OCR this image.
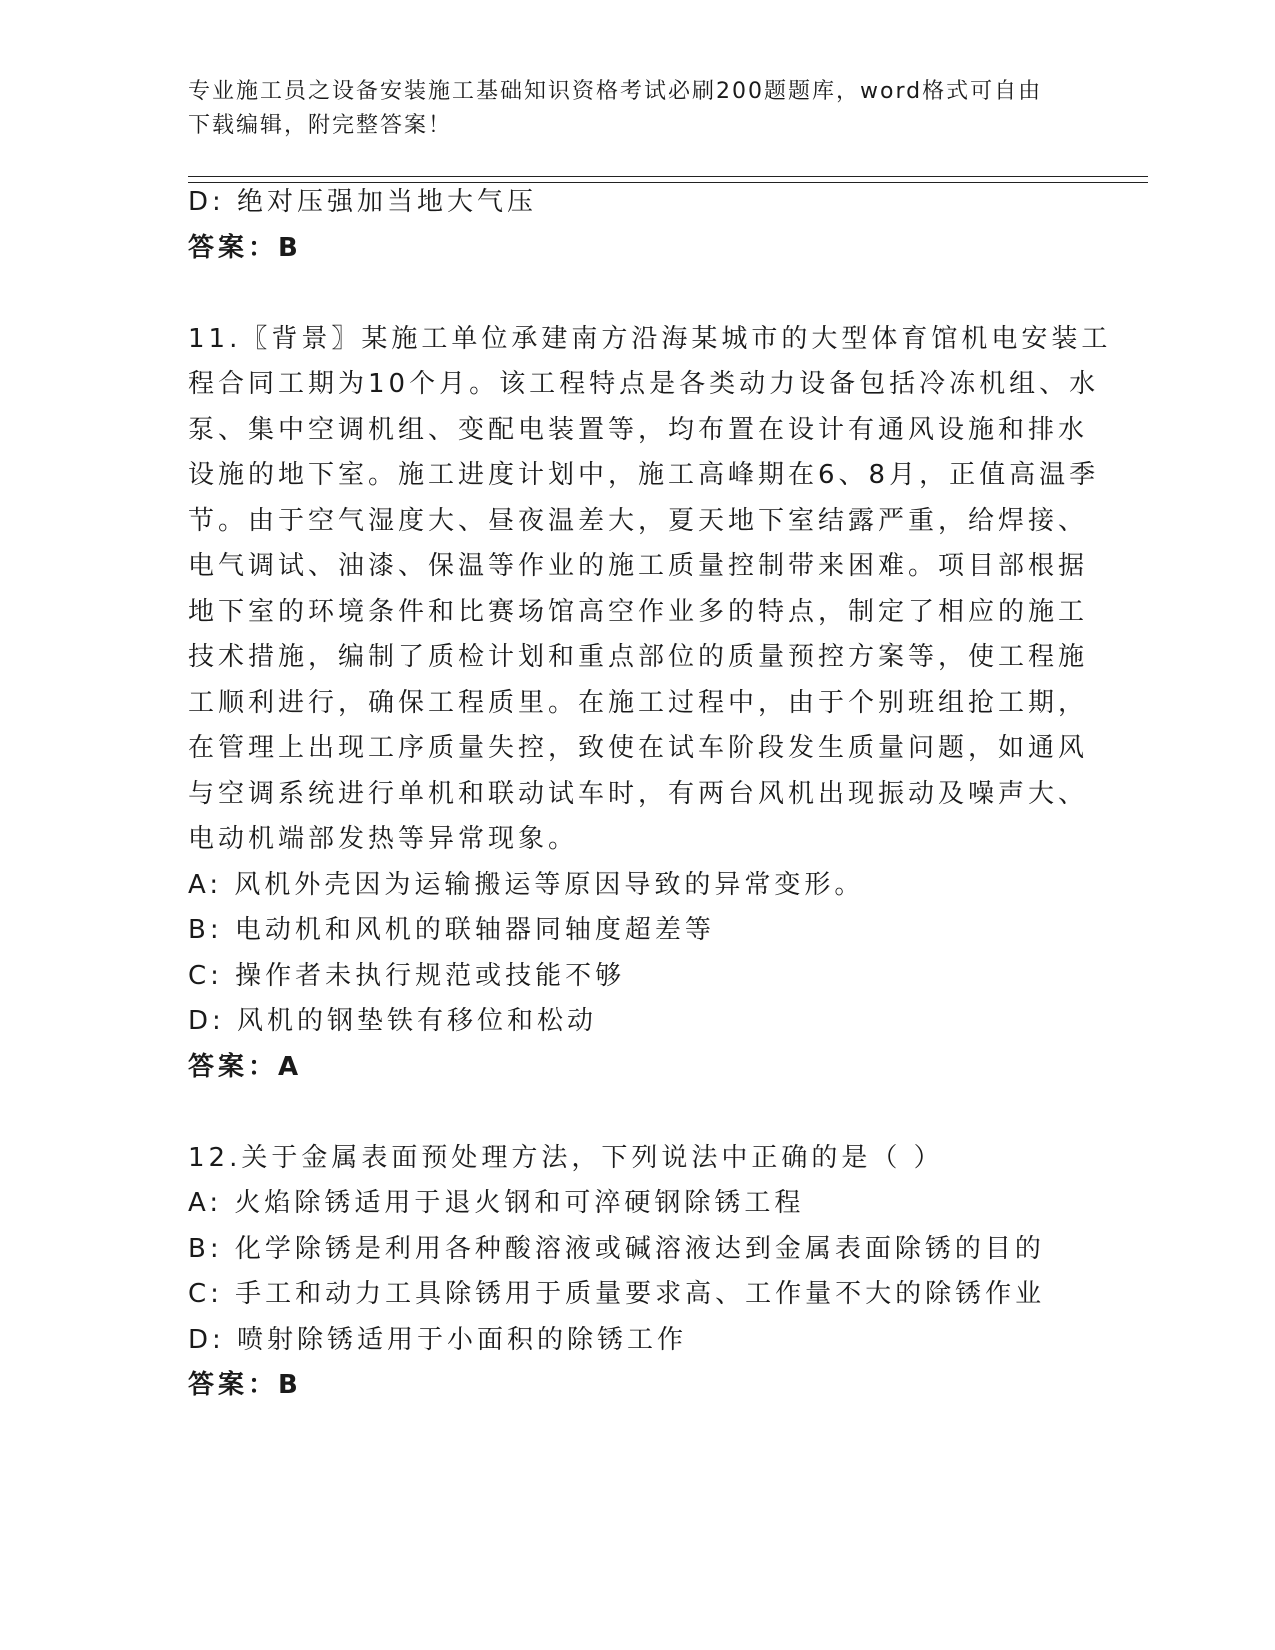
专业施工员之设备安装施工基础知识资格考试必刷200题题库，word格式可自由
下载编辑，附完整答案！
D: 绝对压强加当地大气压
答案：B
11.〖背景〗某施工单位承建南方沿海某城市的大型体育馆机电安装工
程合同工期为10个月。该工程特点是各类动力设备包括冷冻机组、水
泵、集中空调机组、变配电装置等，均布置在设计有通风设施和排水
设施的地下室。施工进度计划中，施工高峰期在6、8月，正值高温季
节。由于空气湿度大、昼夜温差大，夏天地下室结露严重，给焊接、
电气调试、油漆、保温等作业的施工质量控制带来困难。项目部根据
地下室的环境条件和比赛场馆高空作业多的特点，制定了相应的施工
技术措施，编制了质检计划和重点部位的质量预控方案等，使工程施
工顺利进行，确保工程质里。在施工过程中，由于个别班组抢工期，
在管理上出现工序质量失控，致使在试车阶段发生质量问题，如通风
与空调系统进行单机和联动试车时，有两台风机出现振动及噪声大、
电动机端部发热等异常现象。
A: 风机外壳因为运输搬运等原因导致的异常变形。
B: 电动机和风机的联轴器同轴度超差等
C: 操作者未执行规范或技能不够
D: 风机的钢垫铁有移位和松动
答案：A
12.关于金属表面预处理方法，下列说法中正确的是（ ）
A: 火焰除锈适用于退火钢和可淬硬钢除锈工程
B: 化学除锈是利用各种酸溶液或碱溶液达到金属表面除锈的目的
C: 手工和动力工具除锈用于质量要求高、工作量不大的除锈作业
D: 喷射除锈适用于小面积的除锈工作
答案：B
